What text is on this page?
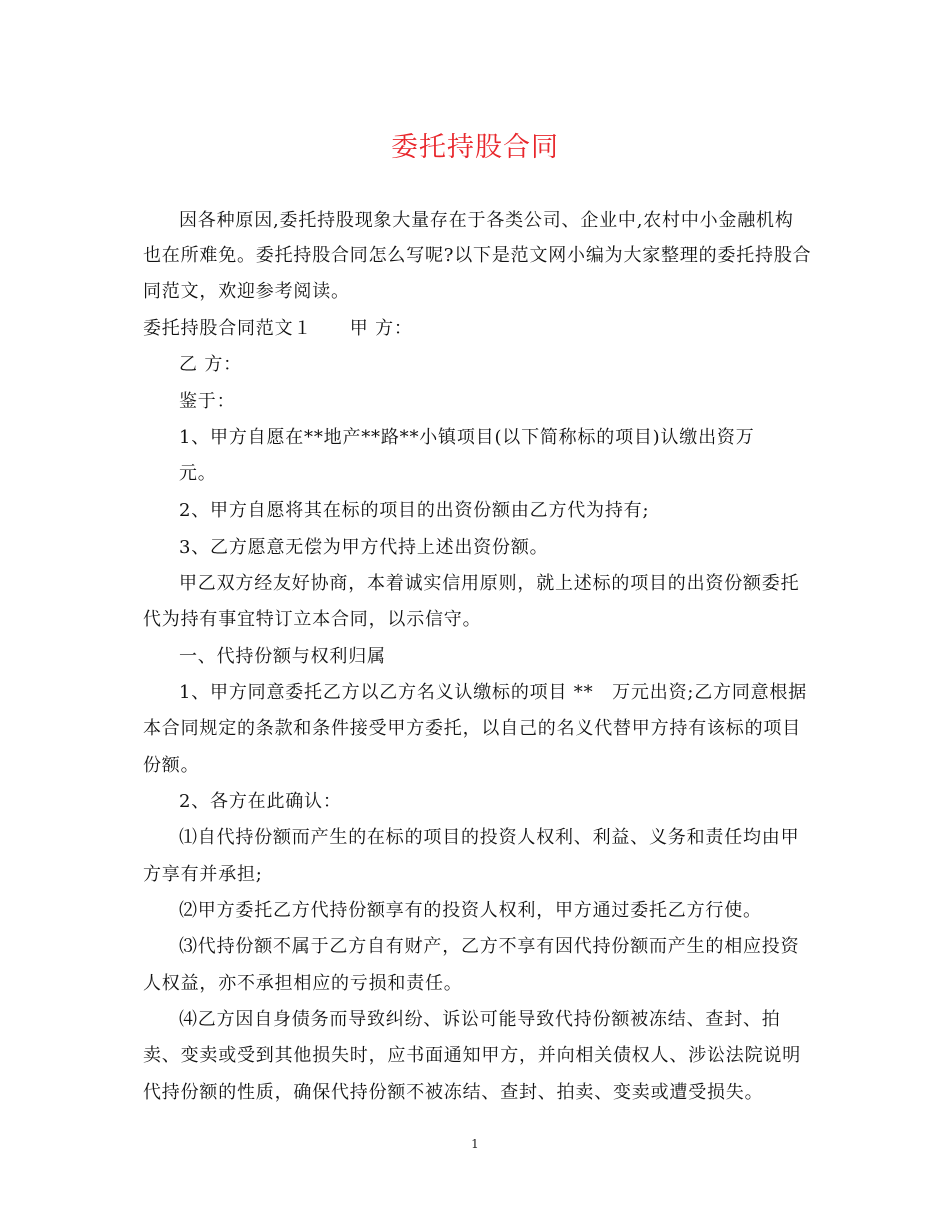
委托持股合同
因各种原因,委托持股现象大量存在于各类公司、企业中,农村中小金融机构
也在所难免。委托持股合同怎么写呢?以下是范文网小编为大家整理的委托持股合
同范文，欢迎参考阅读。
委托持股合同范文１　　甲 方：
乙 方：
鉴于：
1、甲方自愿在**地产**路**小镇项目(以下简称标的项目)认缴出资万
元。
2、甲方自愿将其在标的项目的出资份额由乙方代为持有;
3、乙方愿意无偿为甲方代持上述出资份额。
甲乙双方经友好协商，本着诚实信用原则，就上述标的项目的出资份额委托
代为持有事宜特订立本合同，以示信守。
一、代持份额与权利归属
1、甲方同意委托乙方以乙方名义认缴标的项目 **　万元出资;乙方同意根据
本合同规定的条款和条件接受甲方委托，以自己的名义代替甲方持有该标的项目
份额。
2、各方在此确认：
⑴自代持份额而产生的在标的项目的投资人权利、利益、义务和责任均由甲
方享有并承担;
⑵甲方委托乙方代持份额享有的投资人权利，甲方通过委托乙方行使。
⑶代持份额不属于乙方自有财产，乙方不享有因代持份额而产生的相应投资
人权益，亦不承担相应的亏损和责任。
⑷乙方因自身债务而导致纠纷、诉讼可能导致代持份额被冻结、查封、拍
卖、变卖或受到其他损失时，应书面通知甲方，并向相关债权人、涉讼法院说明
代持份额的性质，确保代持份额不被冻结、查封、拍卖、变卖或遭受损失。
1
